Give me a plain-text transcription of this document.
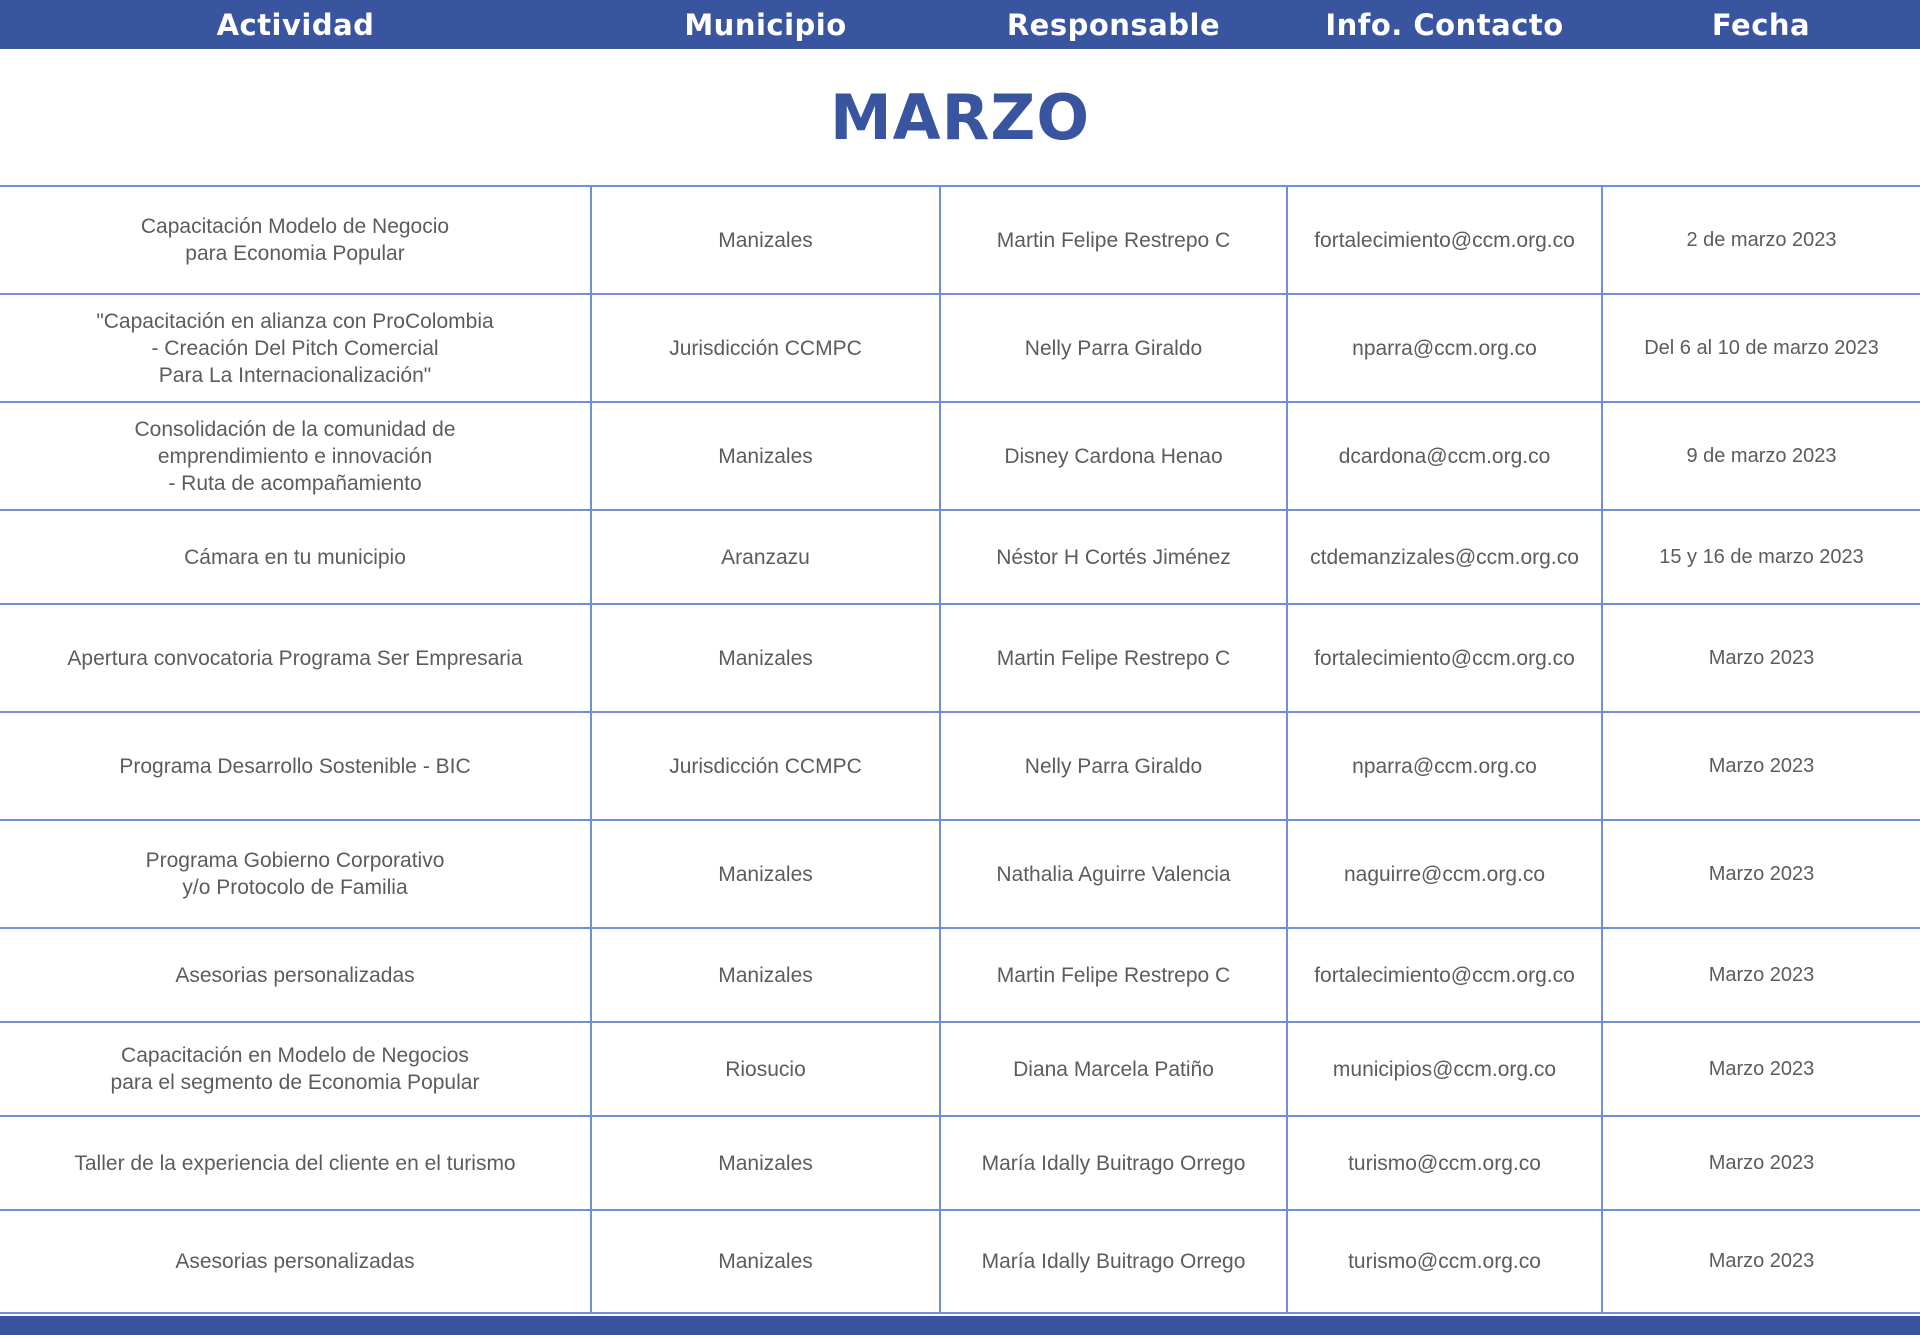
Actividad	Municipio	Responsable	Info. Contacto	Fecha
MARZO
Capacitación Modelo de Negocio
para Economia Popular	Manizales	Martin Felipe Restrepo C	fortalecimiento@ccm.org.co	2 de marzo 2023
"Capacitación en alianza con ProColombia
- Creación Del Pitch Comercial
Para La Internacionalización"	Jurisdicción CCMPC	Nelly Parra Giraldo	nparra@ccm.org.co	Del 6 al 10 de marzo 2023
Consolidación de la comunidad de
emprendimiento e innovación
- Ruta de acompañamiento	Manizales	Disney Cardona Henao	dcardona@ccm.org.co	9 de marzo 2023
Cámara en tu municipio	Aranzazu	Néstor H Cortés Jiménez	ctdemanzizales@ccm.org.co	15 y 16 de marzo 2023
Apertura convocatoria Programa Ser Empresaria	Manizales	Martin Felipe Restrepo C	fortalecimiento@ccm.org.co	Marzo 2023
Programa Desarrollo Sostenible - BIC	Jurisdicción CCMPC	Nelly Parra Giraldo	nparra@ccm.org.co	Marzo 2023
Programa Gobierno Corporativo
y/o Protocolo de Familia	Manizales	Nathalia Aguirre Valencia	naguirre@ccm.org.co	Marzo 2023
Asesorias personalizadas	Manizales	Martin Felipe Restrepo C	fortalecimiento@ccm.org.co	Marzo 2023
Capacitación en Modelo de Negocios
para el segmento de Economia Popular	Riosucio	Diana Marcela Patiño	municipios@ccm.org.co	Marzo 2023
Taller de la experiencia del cliente en el turismo	Manizales	María Idally Buitrago Orrego	turismo@ccm.org.co	Marzo 2023
Asesorias personalizadas	Manizales	María Idally Buitrago Orrego	turismo@ccm.org.co	Marzo 2023
